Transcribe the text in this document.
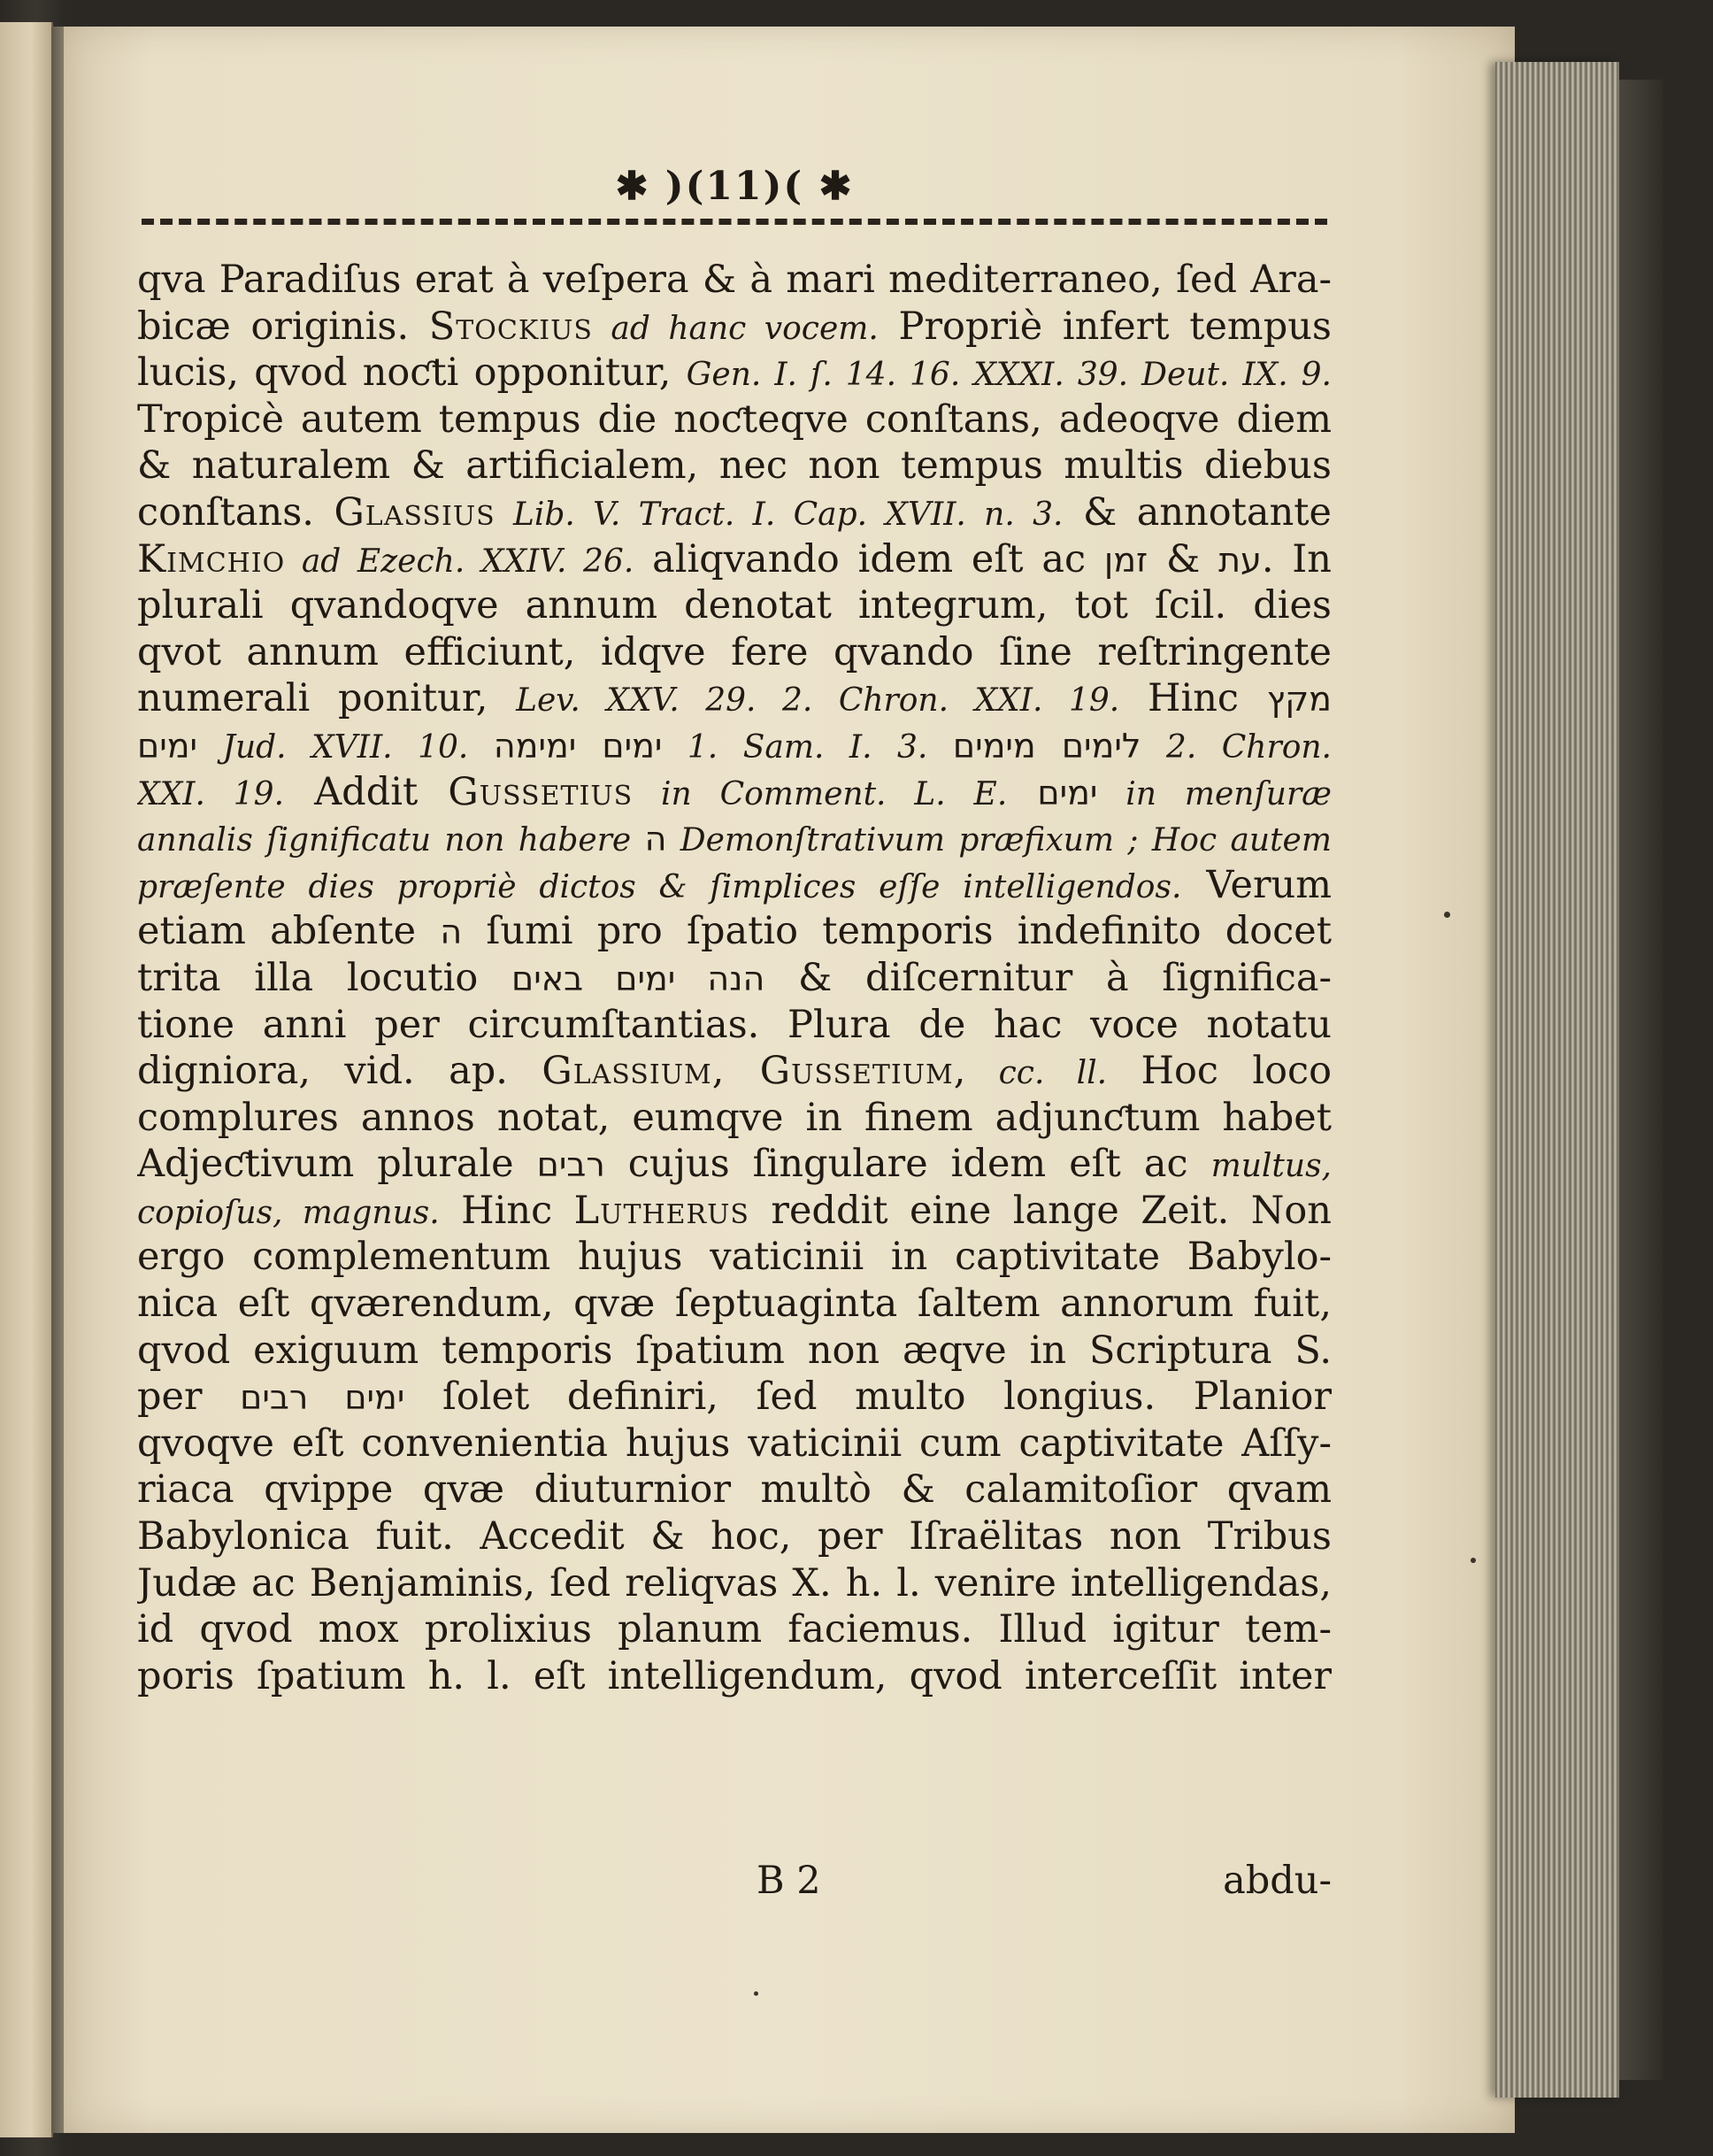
✱ )(11)( ✱
qva Paradiſus erat à veſpera & à mari mediterraneo, ſed Ara-
bicæ originis. Stockius ad hanc vocem. Propriè infert tempus
lucis, qvod noƈti opponitur, Gen. I. ſ. 14. 16. XXXI. 39. Deut. IX. 9.
Tropicè autem tempus die noƈteqve conſtans, adeoqve diem
& naturalem & artificialem, nec non tempus multis diebus
conſtans. Glassius Lib. V. Tract. I. Cap. XVII. n. 3. & annotante
Kimchio ad Ezech. XXIV. 26. aliqvando idem eſt ac זמן & עת. In
plurali qvandoqve annum denotat integrum, tot ſcil. dies
qvot annum efficiunt, idqve fere qvando ſine reſtringente
numerali ponitur, Lev. XXV. 29. 2. Chron. XXI. 19. Hinc מקץ
ימים Jud. XVII. 10. ימים ימימה 1. Sam. I. 3. לימים מימים 2. Chron.
XXI. 19. Addit Gussetius in Comment. L. E. ימים in menſuræ
annalis ſignificatu non habere ה Demonſtrativum præfixum ; Hoc autem
præſente dies propriè dictos & ſimplices eſſe intelligendos. Verum
etiam abſente ה ſumi pro ſpatio temporis indefinito docet
trita illa locutio הנה ימים באים & diſcernitur à ſignifica-
tione anni per circumſtantias. Plura de hac voce notatu
digniora, vid. ap. Glassium, Gussetium, cc. ll. Hoc loco
complures annos notat, eumqve in finem adjunƈtum habet
Adjeƈtivum plurale רבים cujus ſingulare idem eſt ac multus,
copioſus, magnus. Hinc Lutherus reddit eine lange Zeit. Non
ergo complementum hujus vaticinii in captivitate Babylo-
nica eſt qværendum, qvæ ſeptuaginta ſaltem annorum fuit,
qvod exiguum temporis ſpatium non æqve in Scriptura S.
per ימים רבים ſolet definiri, ſed multo longius. Planior
qvoqve eſt convenientia hujus vaticinii cum captivitate Aſſy-
riaca qvippe qvæ diuturnior multò & calamitoſior qvam
Babylonica fuit. Accedit & hoc, per Iſraëlitas non Tribus
Judæ ac Benjaminis, ſed reliqvas X. h. l. venire intelligendas,
id qvod mox prolixius planum faciemus. Illud igitur tem-
poris ſpatium h. l. eſt intelligendum, qvod interceſſit inter
B 2	abdu-
